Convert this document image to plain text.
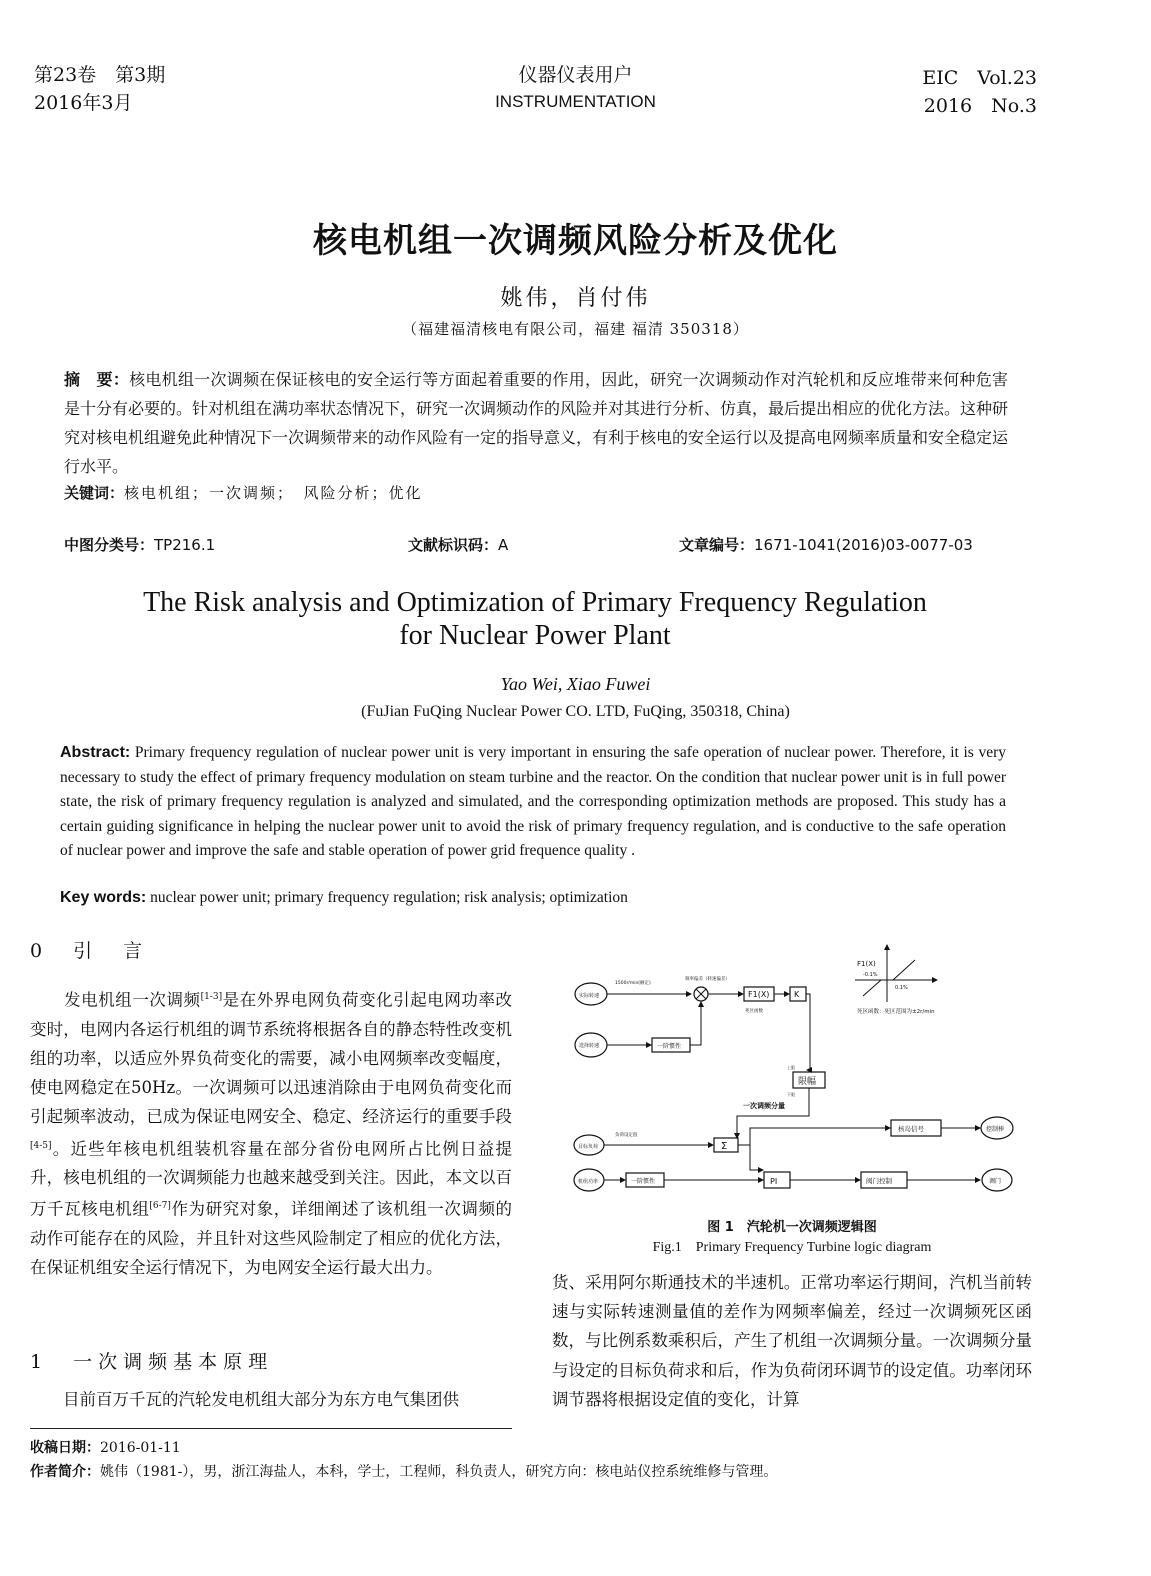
第23卷　第3期
2016年3月
仪器仪表用户
INSTRUMENTATION
EIC　Vol.23
2016　No.3
核电机组一次调频风险分析及优化
姚伟，肖付伟
（福建福清核电有限公司，福建 福清 350318）
摘　要：核电机组一次调频在保证核电的安全运行等方面起着重要的作用，因此，研究一次调频动作对汽轮机和反应堆带来何种危害是十分有必要的。针对机组在满功率状态情况下，研究一次调频动作的风险并对其进行分析、仿真，最后提出相应的优化方法。这种研究对核电机组避免此种情况下一次调频带来的动作风险有一定的指导意义，有利于核电的安全运行以及提高电网频率质量和安全稳定运行水平。
关键词：核电机组；一次调频；　风险分析；优化
中图分类号：TP216.1	文献标识码：A	文章编号：1671-1041(2016)03-0077-03
The Risk analysis and Optimization of Primary Frequency Regulation
for Nuclear Power Plant
Yao Wei, Xiao Fuwei
(FuJian FuQing Nuclear Power CO. LTD, FuQing, 350318, China)
Abstract: Primary frequency regulation of nuclear power unit is very important in ensuring the safe operation of nuclear power. Therefore, it is very necessary to study the effect of primary frequency modulation on steam turbine and the reactor. On the condition that nuclear power unit is in full power state, the risk of primary frequency regulation is analyzed and simulated, and the corresponding optimization methods are proposed. This study has a certain guiding significance in helping the nuclear power unit to avoid the risk of primary frequency regulation, and is conductive to the safe operation of nuclear power and improve the safe and stable operation of power grid frequence quality .
Key words: nuclear power unit; primary frequency regulation; risk analysis; optimization
0　引　言
　　发电机组一次调频[1-3]是在外界电网负荷变化引起电网功率改变时，电网内各运行机组的调节系统将根据各自的静态特性改变机组的功率，以适应外界负荷变化的需要，减小电网频率改变幅度，使电网稳定在50Hz。一次调频可以迅速消除由于电网负荷变化而引起频率波动，已成为保证电网安全、稳定、经济运行的重要手段[4-5]。近些年核电机组装机容量在部分省份电网所占比例日益提升，核电机组的一次调频能力也越来越受到关注。因此，本文以百万千瓦核电机组[6-7]作为研究对象，详细阐述了该机组一次调频的动作可能存在的风险，并且针对这些风险制定了相应的优化方法，在保证机组安全运行情况下，为电网安全运行最大出力。
1　一次调频基本原理
　　目前百万千瓦的汽轮发电机组大部分为东方电气集团供
货、采用阿尔斯通技术的半速机。正常功率运行期间，汽机当前转速与实际转速测量值的差作为网频率偏差，经过一次调频死区函数，与比例系数乘积后，产生了机组一次调频分量。一次调频分量与设定的目标负荷求和后，作为负荷闭环调节的设定值。功率闭环调节器将根据设定值的变化，计算
F1(X)
-0.1%
0.1%
死区函数：死区范围为±2r/min
实际转速
1500r/min(额定)
频率偏差（转速偏差）
F1(X)
死区函数
K
选择转速	一阶惯性
限幅
上限
下限
一次调频分量
目标负荷
负荷设定值
Σ
核岛信号	控制棒
机组功率	一阶惯性	PI	阀门控制	调门
图 1　汽轮机一次调频逻辑图
Fig.1　Primary Frequency Turbine logic diagram
收稿日期：2016-01-11
作者简介：姚伟（1981-），男，浙江海盐人，本科，学士，工程师，科负责人，研究方向：核电站仪控系统维修与管理。
